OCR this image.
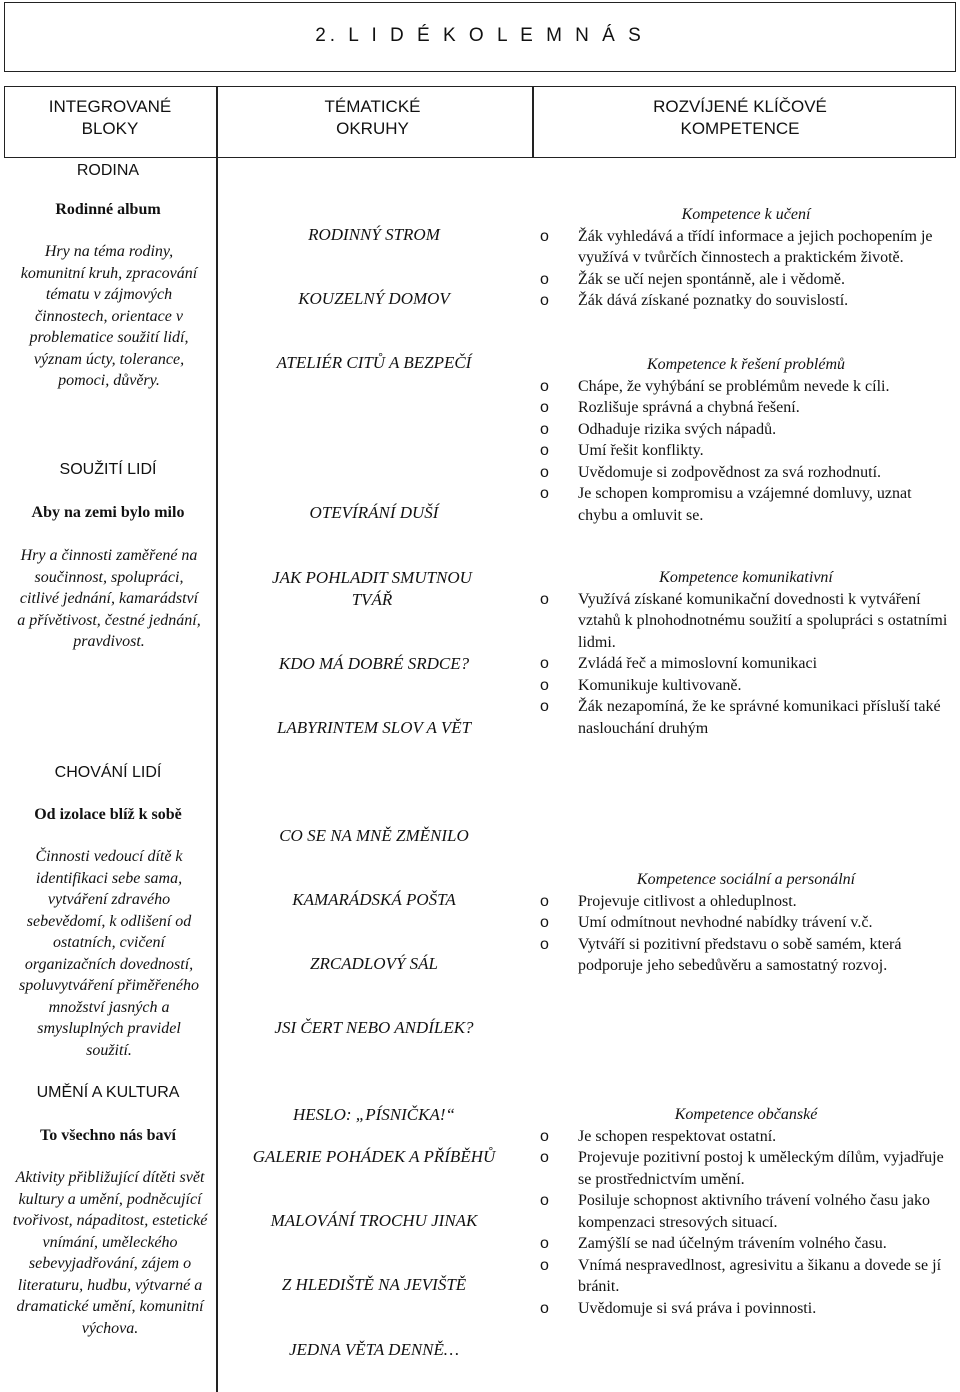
2. L I D É K O L E M N Á S
INTEGROVANÉ BLOKY
TÉMATICKÉ OKRUHY
ROZVÍJENÉ KLÍČOVÉ KOMPETENCE
RODINA
Rodinné album
Hry na téma rodiny, komunitní kruh, zpracování tématu v zájmových činnostech, orientace v problematice soužití lidí, význam úcty, tolerance, pomoci, důvěry.
SOUŽITÍ LIDÍ
Aby na zemi bylo milo
Hry a činnosti zaměřené na součinnost, spolupráci, citlivé jednání, kamarádství a přívětivost, čestné jednání, pravdivost.
CHOVÁNÍ LIDÍ
Od izolace blíž k sobě
Činnosti vedoucí dítě k identifikaci sebe sama, vytváření zdravého sebevědomí, k odlišení od ostatních, cvičení organizačních dovedností, spoluvytváření přiměřeného množství jasných a smysluplných pravidel soužití.
UMĚNÍ A KULTURA
To všechno nás baví
Aktivity přibližující dítěti svět kultury a umění, podněcující tvořivost, nápaditost, estetické vnímání, uměleckého sebevyjadřování, zájem o literaturu, hudbu, výtvarné a dramatické umění, komunitní výchova.
RODINNÝ STROM
KOUZELNÝ DOMOV
ATELIÉR CITŮ A BEZPEČÍ
OTEVÍRÁNÍ DUŠÍ
JAK POHLADIT SMUTNOU TVÁŘ
KDO MÁ DOBRÉ SRDCE?
LABYRINTEM SLOV A VĚT
CO SE NA MNĚ ZMĚNILO
KAMARÁDSKÁ POŠTA
ZRCADLOVÝ SÁL
JSI ČERT NEBO ANDÍLEK?
HESLO: „PÍSNIČKA!“
GALERIE POHÁDEK A PŘÍBĚHŮ
MALOVÁNÍ TROCHU JINAK
Z HLEDIŠTĚ NA JEVIŠTĚ
JEDNA VĚTA DENNĚ…
Kompetence k učení
o Žák vyhledává a třídí informace a jejich pochopením je využívá v tvůrčích činnostech a praktickém životě.
o Žák se učí nejen spontánně, ale i vědomě.
o Žák dává získané poznatky do souvislostí.
Kompetence k řešení problémů
o Chápe, že vyhýbání se problémům nevede k cíli.
o Rozlišuje správná a chybná řešení.
o Odhaduje rizika svých nápadů.
o Umí řešit konflikty.
o Uvědomuje si zodpovědnost za svá rozhodnutí.
o Je schopen kompromisu a vzájemné domluvy, uznat chybu a omluvit se.
Kompetence komunikativní
o Využívá získané komunikační dovednosti k vytváření vztahů k plnohodnotnému soužití a spolupráci s ostatními lidmi.
o Zvládá řeč a mimoslovní komunikaci
o Komunikuje kultivovaně.
o Žák nezapomíná, že ke správné komunikaci přísluší také naslouchání druhým
Kompetence sociální a personální
o Projevuje citlivost a ohleduplnost.
o Umí odmítnout nevhodné nabídky trávení v.č.
o Vytváří si pozitivní představu o sobě samém, která podporuje jeho sebedůvěru a samostatný rozvoj.
Kompetence občanské
o Je schopen respektovat ostatní.
o Projevuje pozitivní postoj k uměleckým dílům, vyjadřuje se prostřednictvím umění.
o Posiluje schopnost aktivního trávení volného času jako kompenzaci stresových situací.
o Zamýšlí se nad účelným trávením volného času.
o Vnímá nespravedlnost, agresivitu a šikanu a dovede se jí bránit.
o Uvědomuje si svá práva i povinnosti.
